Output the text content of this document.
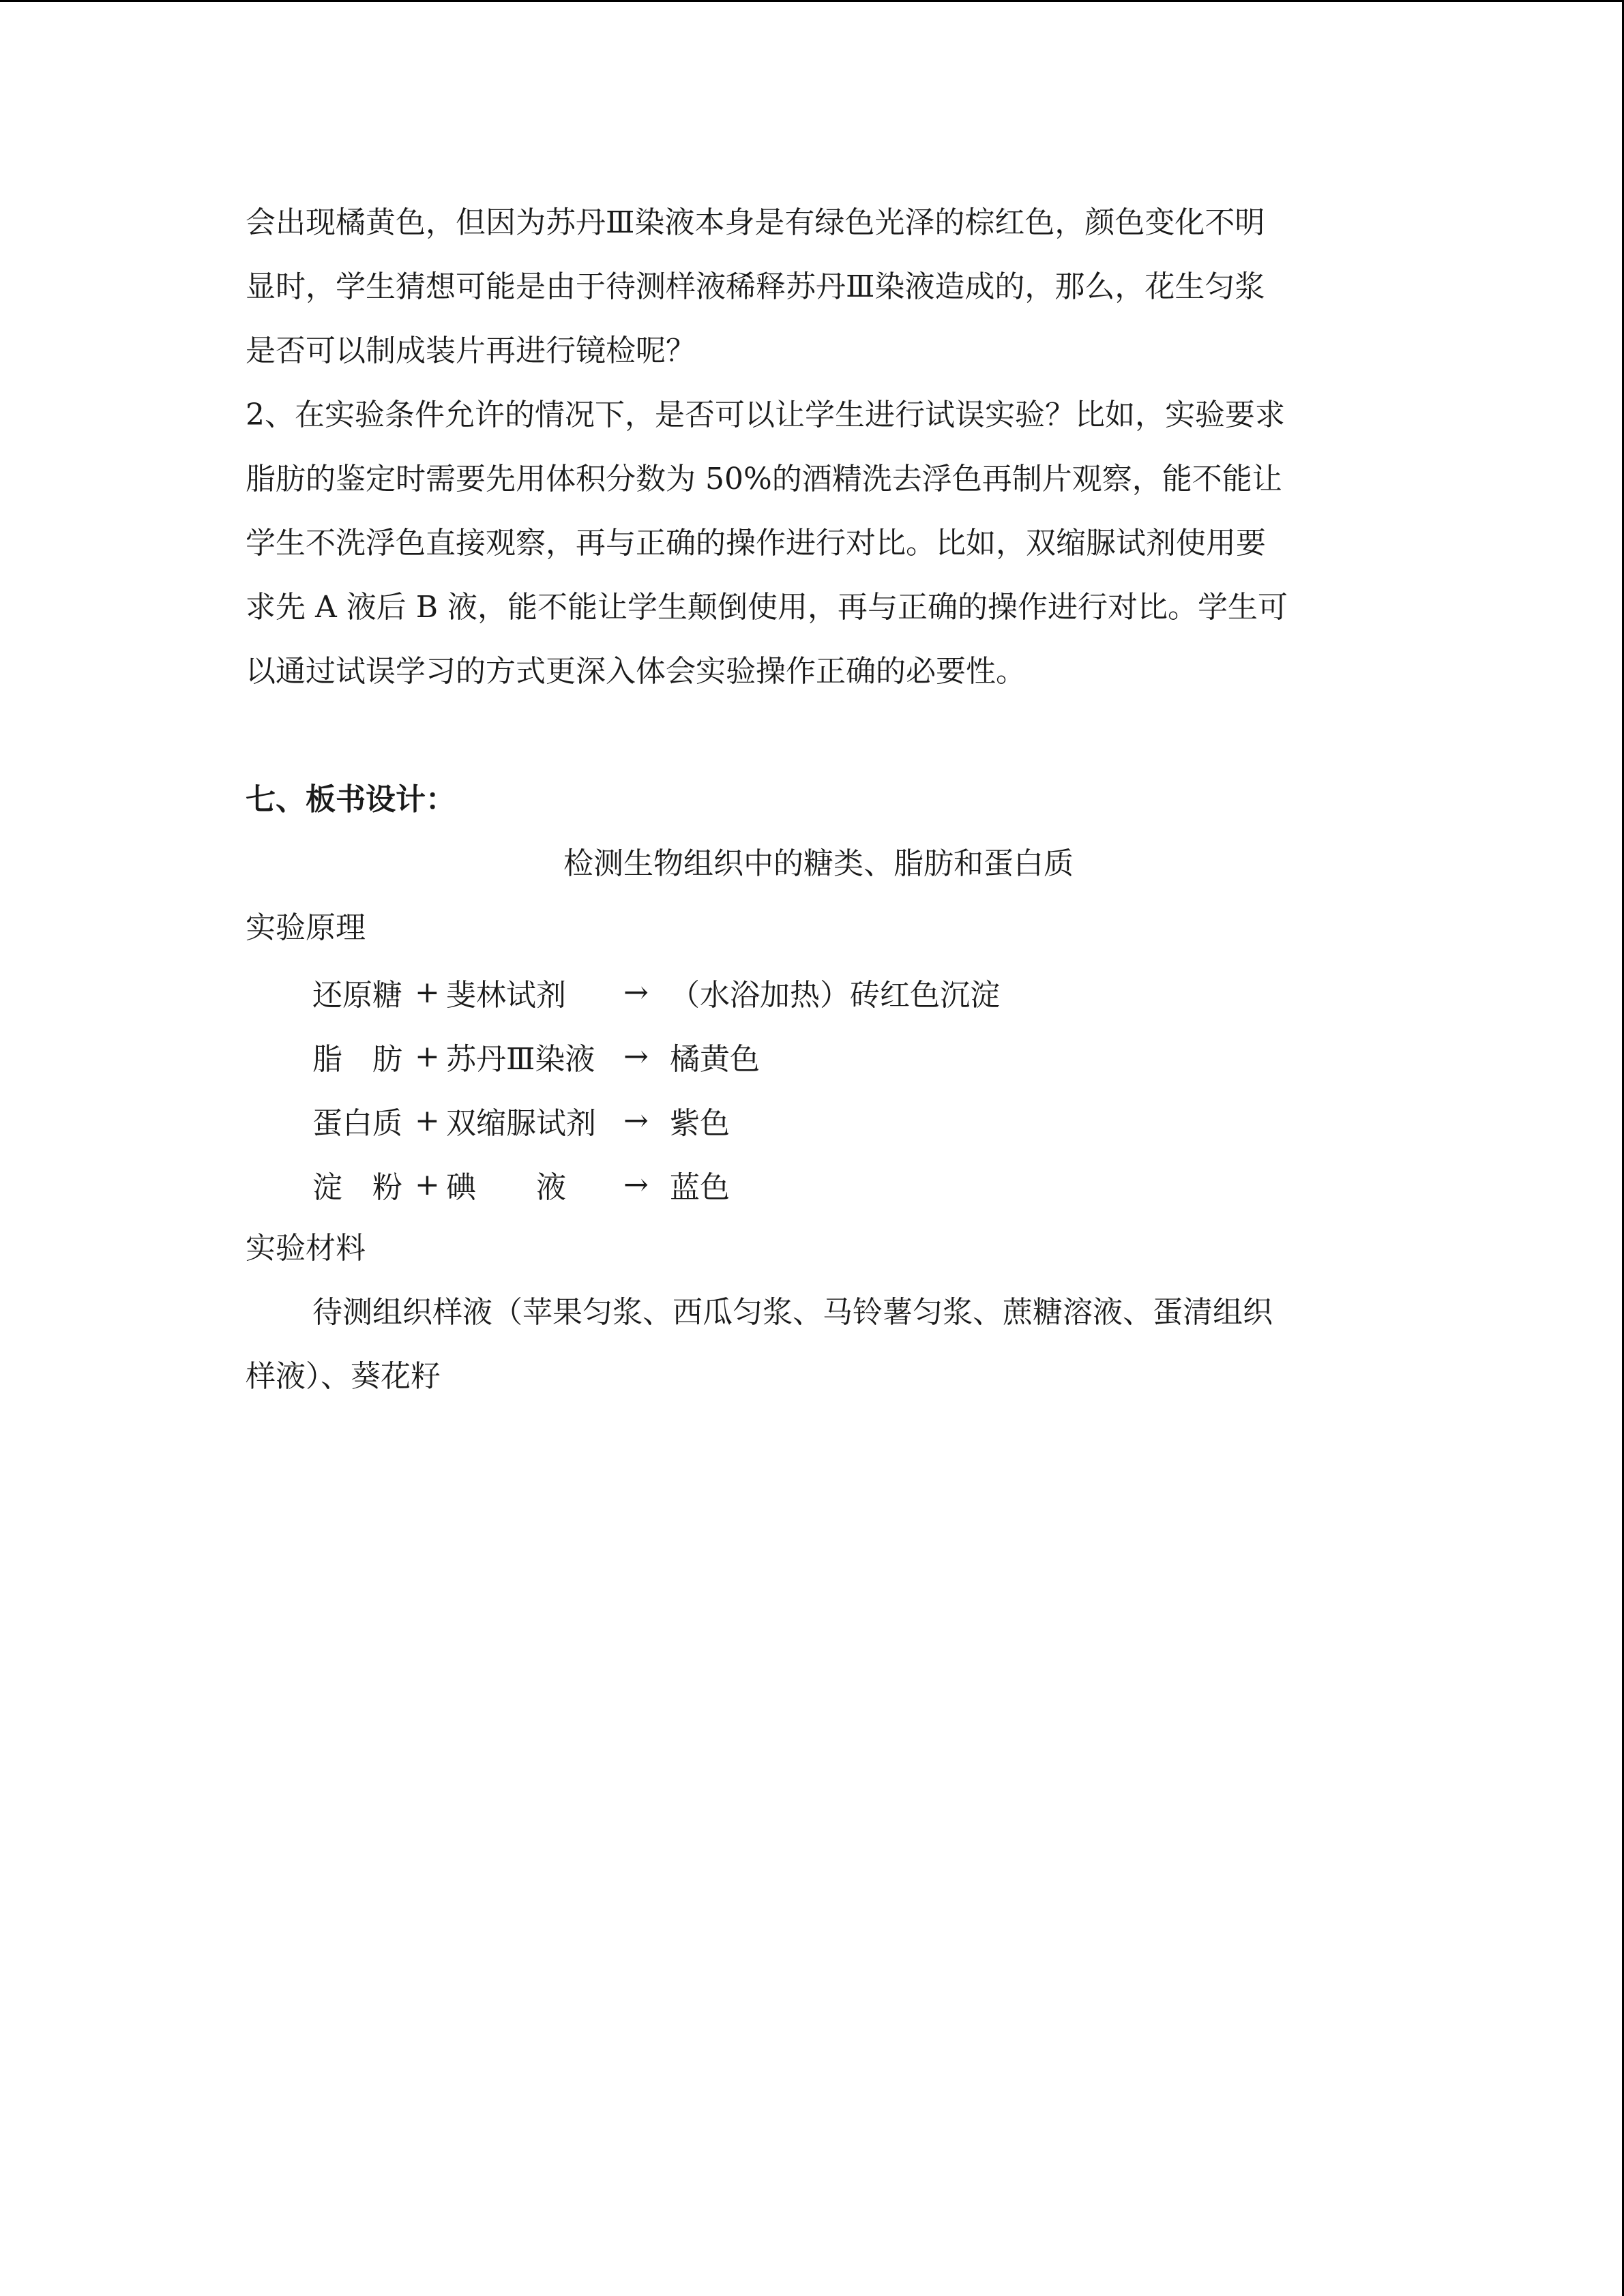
会出现橘黄色，但因为苏丹Ⅲ染液本身是有绿色光泽的棕红色，颜色变化不明
显时，学生猜想可能是由于待测样液稀释苏丹Ⅲ染液造成的，那么，花生匀浆
是否可以制成装片再进行镜检呢？
2、在实验条件允许的情况下，是否可以让学生进行试误实验？比如，实验要求
脂肪的鉴定时需要先用体积分数为 50%的酒精洗去浮色再制片观察，能不能让
学生不洗浮色直接观察，再与正确的操作进行对比。比如，双缩脲试剂使用要
求先 A 液后 B 液，能不能让学生颠倒使用，再与正确的操作进行对比。学生可
以通过试误学习的方式更深入体会实验操作正确的必要性。
七、板书设计：
检测生物组织中的糖类、脂肪和蛋白质
实验原理
还原糖 + 斐林试剂	→ （水浴加热）砖红色沉淀
脂　肪 + 苏丹Ⅲ染液 → 橘黄色
蛋白质 + 双缩脲试剂 → 紫色
淀　粉 + 碘　　液	→ 蓝色
实验材料
待测组织样液（苹果匀浆、西瓜匀浆、马铃薯匀浆、蔗糖溶液、蛋清组织
样液）、葵花籽
